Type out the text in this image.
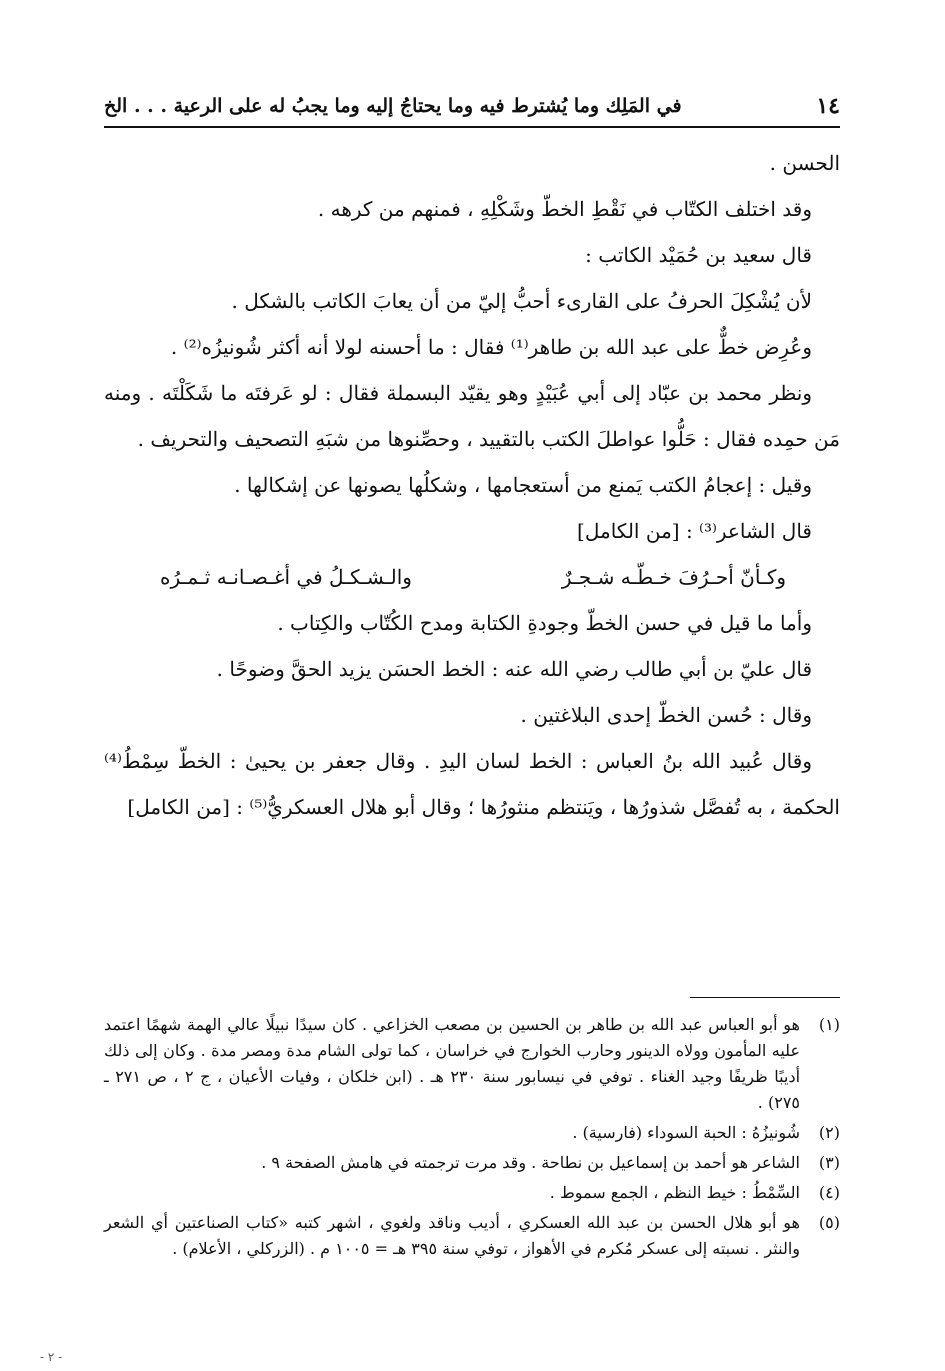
١٤
في المَلِك وما يُشترط فيه وما يحتاجُ إليه وما يجبُ له على الرعية . . . الخ

الحسن .

وقد اختلف الكتّاب في نَقْطِ الخطّ وشَكْلِهِ ، فمنهم من كرهه .

قال سعيد بن حُمَيْد الكاتب :

لأن يُشْكِلَ الحرفُ على القارىء أحبُّ إليّ من أن يعابَ الكاتب بالشكل .

وعُرِض خطٌّ على عبد الله بن طاهر⁽¹⁾ فقال : ما أحسنه لولا أنه أكثر شُونيزُه⁽²⁾ .

ونظر محمد بن عبّاد إلى أبي عُبَيْدٍ وهو يقيّد البسملة فقال : لو عَرفتَه ما شَكَلْتَه . ومنه مَن حمِده فقال : حَلُّوا عواطلَ الكتب بالتقييد ، وحصِّنوها من شبَهِ التصحيف والتحريف .

وقيل : إعجامُ الكتب يَمنع من أستعجامها ، وشكلُها يصونها عن إشكالها .

قال الشاعر⁽³⁾ : [من الكامل]

وكـأنّ أحـرُفَ خـطّـه شـجـرٌ
والـشـكـلُ في أغـصـانـه ثـمـرُه

وأما ما قيل في حسن الخطّ وجودةِ الكتابة ومدح الكُتّاب والكِتاب .

قال عليّ بن أبي طالب رضي الله عنه : الخط الحسَن يزيد الحقَّ وضوحًا .

وقال : حُسن الخطّ إحدى البلاغتين .

وقال عُبيد الله بنُ العباس : الخط لسان اليدِ . وقال جعفر بن يحيىٰ : الخطّ سِمْطُ⁽⁴⁾ الحكمة ، به تُفصَّل شذورُها ، ويَنتظم منثورُها ؛ وقال أبو هلال العسكريُّ⁽⁵⁾ : [من الكامل]

(١)
هو أبو العباس عبد الله بن طاهر بن الحسين بن مصعب الخزاعي . كان سيدًا نبيلًا عالي الهمة شهمًا اعتمد عليه المأمون وولاه الدينور وحارب الخوارج في خراسان ، كما تولى الشام مدة ومصر مدة . وكان إلى ذلك أديبًا ظريفًا وجيد الغناء . توفي في نيسابور سنة ٢٣٠ هـ . (ابن خلكان ، وفيات الأعيان ، ج ٢ ، ص ٢٧١ ـ ٢٧٥) .
(٢)
شُونيزُهُ : الحبة السوداء (فارسية) .
(٣)
الشاعر هو أحمد بن إسماعيل بن نطاحة . وقد مرت ترجمته في هامش الصفحة ٩ .
(٤)
السِّمْطُ : خيط النظم ، الجمع سموط .
(٥)
هو أبو هلال الحسن بن عبد الله العسكري ، أديب وناقد ولغوي ، اشهر كتبه «كتاب الصناعتين أي الشعر والنثر . نسبته إلى عسكر مُكرم في الأهواز ، توفي سنة ٣٩٥ هـ = ١٠٠٥ م . (الزركلي ، الأعلام) .
- ٢ -
